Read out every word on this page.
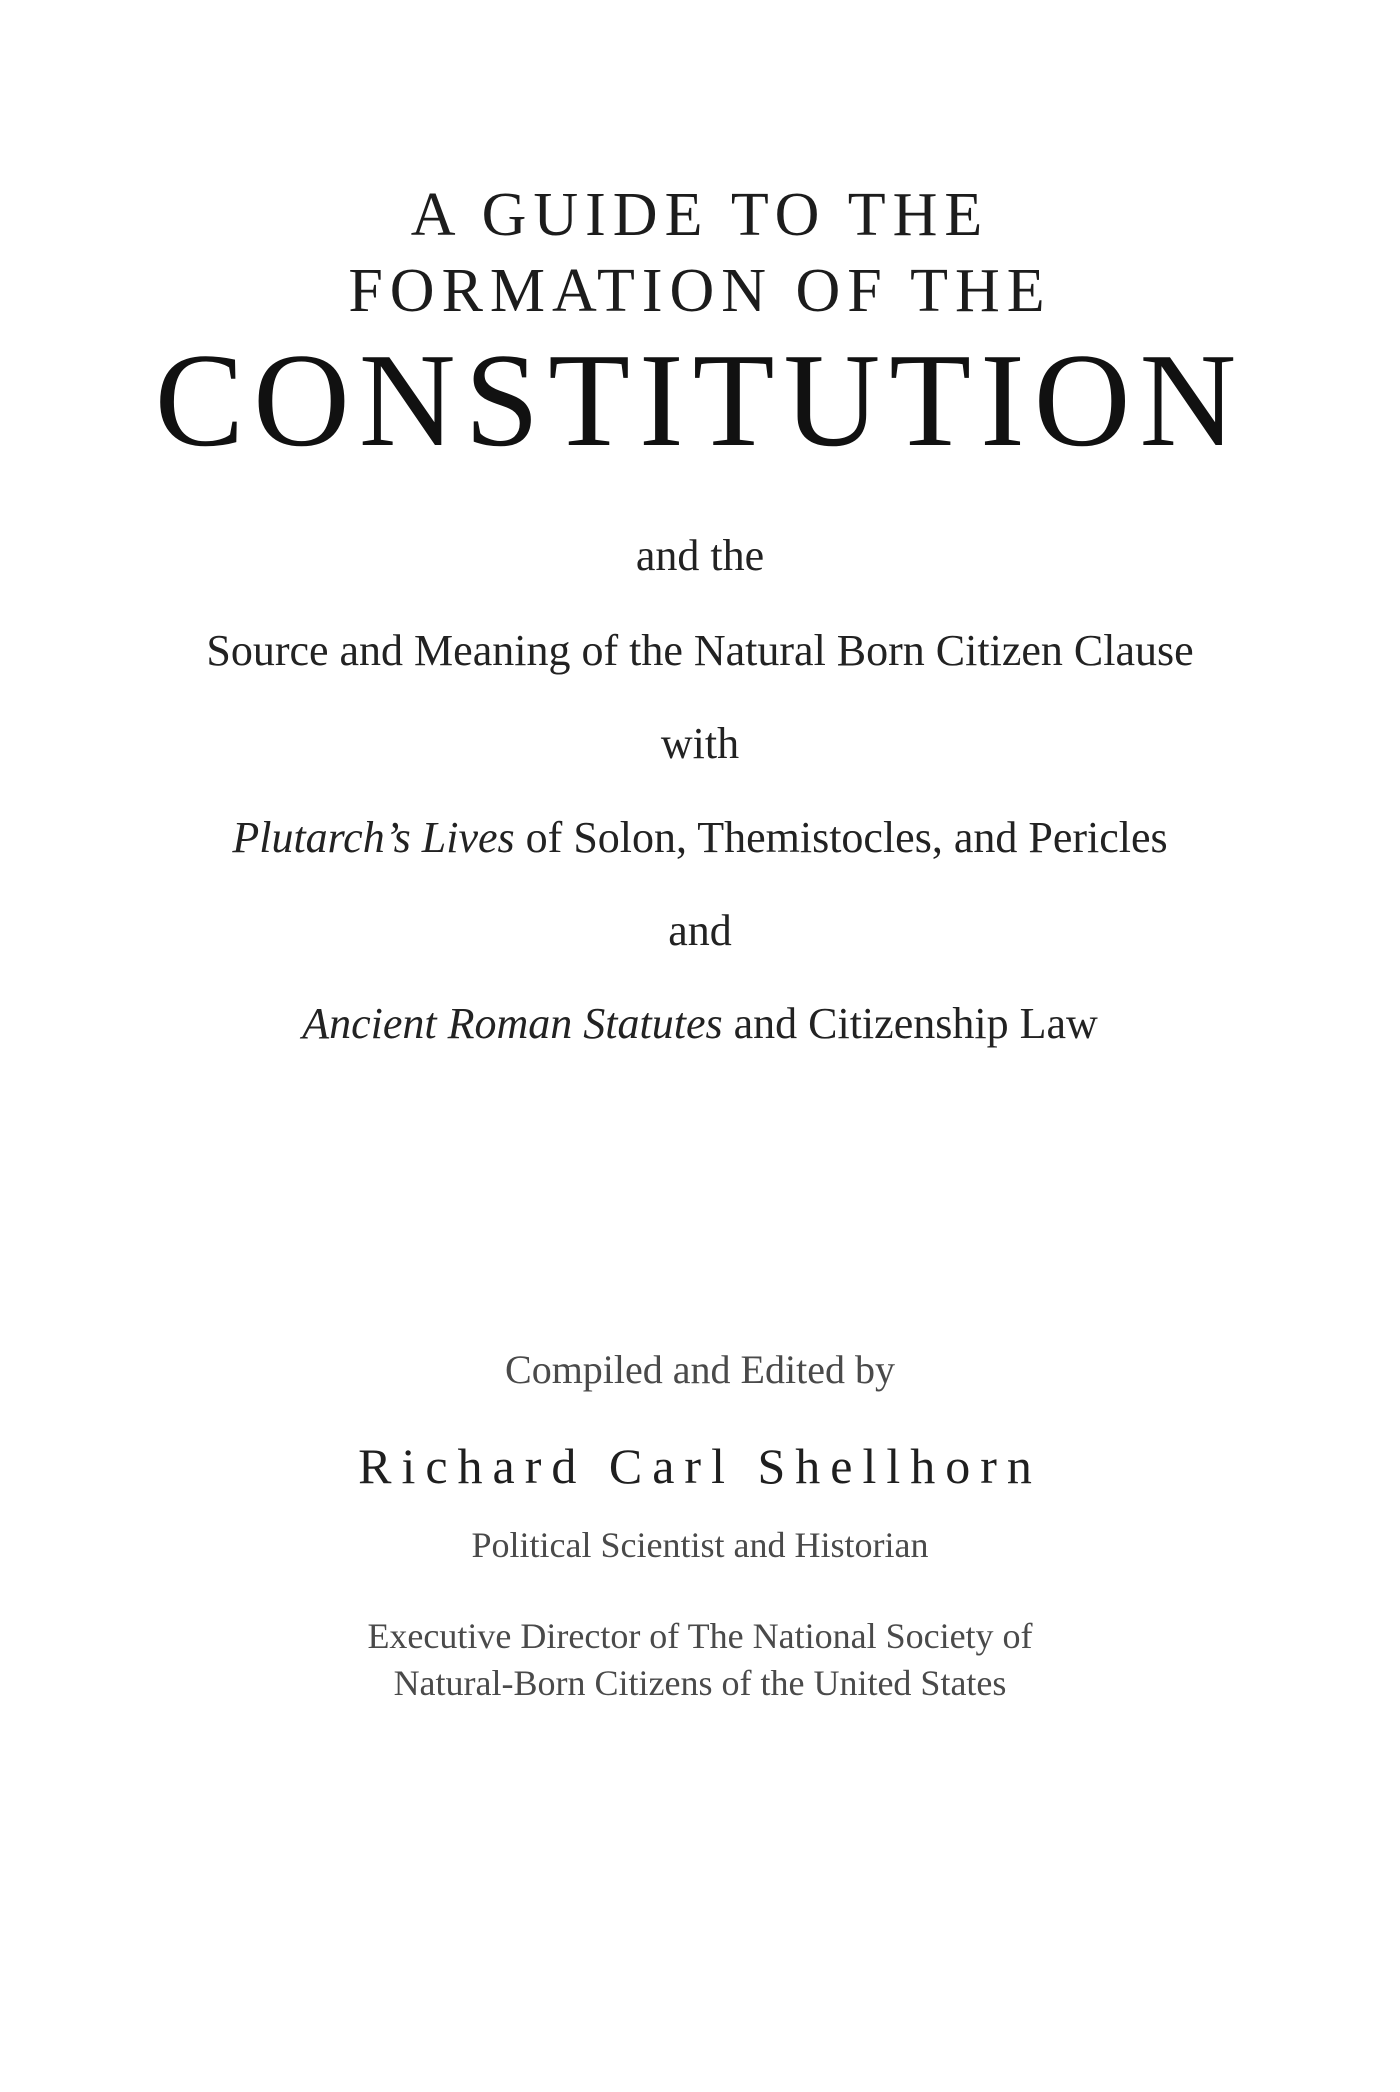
A GUIDE TO THE
FORMATION OF THE
CONSTITUTION
and the
Source and Meaning of the Natural Born Citizen Clause
with
Plutarch’s Lives of Solon, Themistocles, and Pericles
and
Ancient Roman Statutes and Citizenship Law
Compiled and Edited by
Richard Carl Shellhorn
Political Scientist and Historian
Executive Director of The National Society of
Natural-Born Citizens of the United States
